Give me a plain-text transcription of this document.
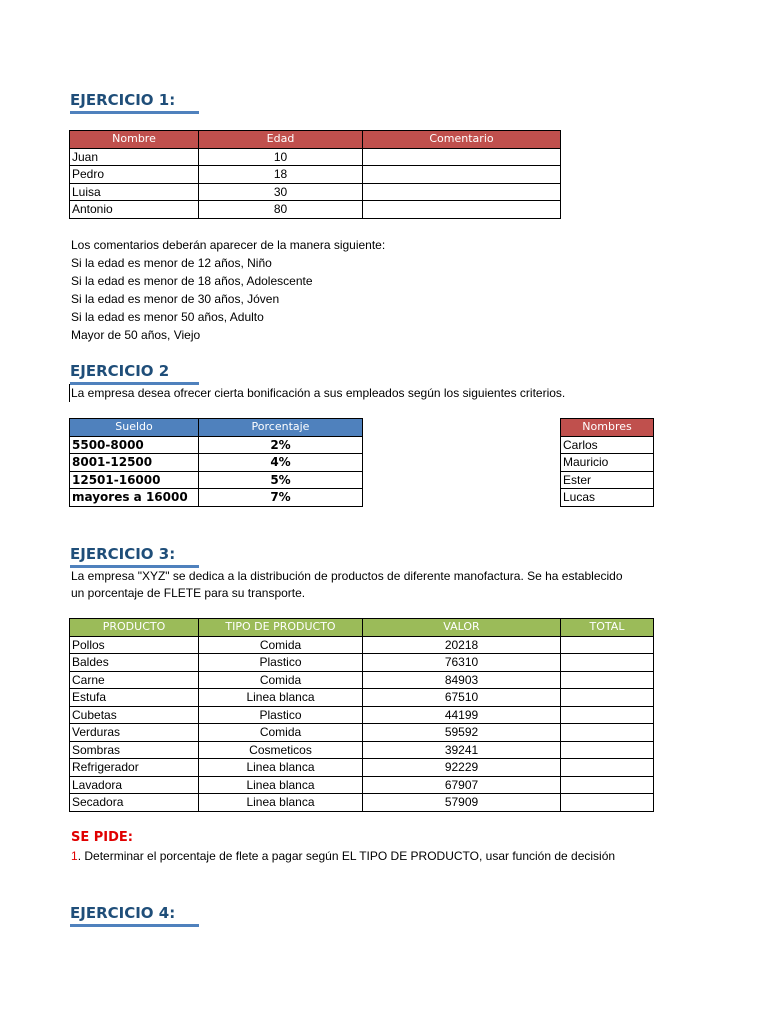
EJERCICIO 1:
Nombre	Edad	Comentario
Juan	10	
Pedro	18	
Luisa	30	
Antonio	80	
Los comentarios deberán aparecer de la manera siguiente:
Si la edad es menor de 12 años, Niño
Si la edad es menor de 18 años, Adolescente
Si la edad es menor de 30 años, Jóven
Si la edad es menor 50 años, Adulto
Mayor de 50 años, Viejo
EJERCICIO 2
La empresa desea ofrecer cierta bonificación a sus empleados según los siguientes criterios.
Sueldo	Porcentaje
5500-8000	2%
8001-12500	4%
12501-16000	5%
mayores a 16000	7%
Nombres
Carlos
Mauricio
Ester
Lucas
EJERCICIO 3:
La empresa "XYZ" se dedica a la distribución de productos de diferente manofactura. Se ha establecido
un porcentaje de FLETE para su transporte.
PRODUCTO	TIPO DE PRODUCTO	VALOR	TOTAL
Pollos	Comida	20218	
Baldes	Plastico	76310	
Carne	Comida	84903	
Estufa	Linea blanca	67510	
Cubetas	Plastico	44199	
Verduras	Comida	59592	
Sombras	Cosmeticos	39241	
Refrigerador	Linea blanca	92229	
Lavadora	Linea blanca	67907	
Secadora	Linea blanca	57909	
SE PIDE:
1. Determinar el porcentaje de flete a pagar según EL TIPO DE PRODUCTO, usar función de decisión
EJERCICIO 4:
